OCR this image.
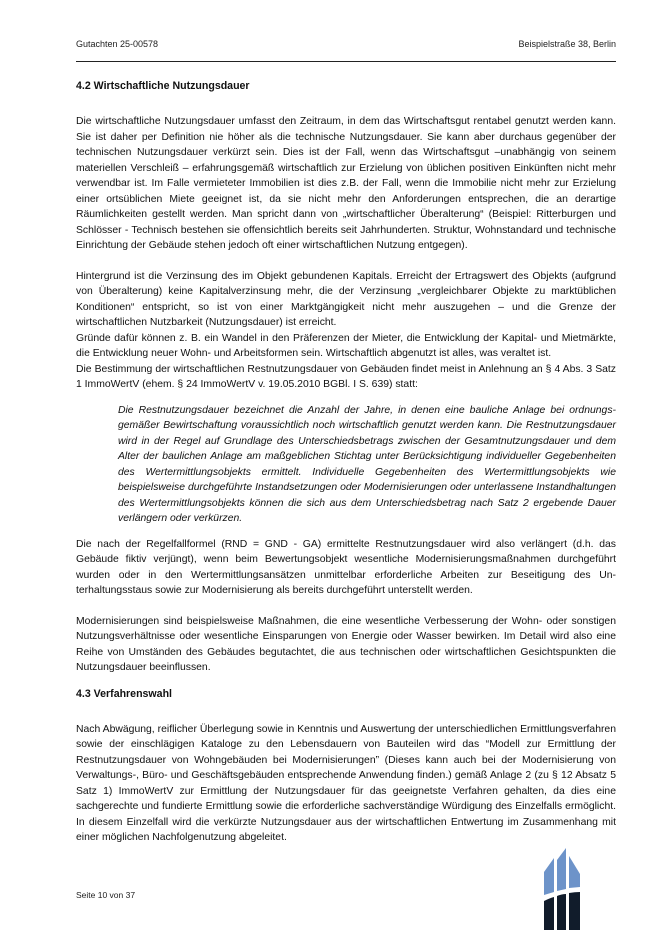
Gutachten 25-00578	Beispielstraße 38, Berlin
4.2 Wirtschaftliche Nutzungsdauer

Die wirtschaftliche Nutzungsdauer umfasst den Zeitraum, in dem das Wirtschaftsgut rentabel genutzt werden kann. Sie ist daher per Definition nie höher als die technische Nutzungsdauer. Sie kann aber durchaus gegenüber der technischen Nutzungsdauer verkürzt sein. Dies ist der Fall, wenn das Wirtschaftsgut –unabhängig von seinem materiellen Verschleiß – erfahrungsgemäß wirtschaftlich zur Erzielung von üblichen positiven Einkünften nicht mehr verwendbar ist. Im Falle vermieteter Immobilien ist dies z.B. der Fall, wenn die Immobilie nicht mehr zur Erzielung einer ortsüblichen Miete geeignet ist, da sie nicht mehr den Anforderungen entsprechen, die an derartige Räumlichkeiten gestellt werden. Man spricht dann von „wirtschaftlicher Überalterung“ (Beispiel: Ritterburgen und Schlösser - Technisch bestehen sie offensichtlich bereits seit Jahrhunderten. Struktur, Wohnstandard und technische Einrichtung der Gebäude stehen jedoch oft einer wirtschaftlichen Nutzung entgegen).

Hintergrund ist die Verzinsung des im Objekt gebundenen Kapitals. Erreicht der Ertragswert des Objekts (aufgrund von Überalterung) keine Kapitalverzinsung mehr, die der Verzinsung „vergleichbarer Objekte zu marktüblichen Konditionen“ entspricht, so ist von einer Marktgängigkeit nicht mehr auszugehen – und die Grenze der wirtschaftlichen Nutzbarkeit (Nutzungsdauer) ist erreicht.

Gründe dafür können z. B. ein Wandel in den Präferenzen der Mieter, die Entwicklung der Kapital- und Mietmärkte, die Entwicklung neuer Wohn- und Arbeitsformen sein. Wirtschaftlich abgenutzt ist alles, was veraltet ist.

Die Bestimmung der wirtschaftlichen Restnutzungsdauer von Gebäuden findet meist in Anlehnung an § 4 Abs. 3 Satz 1 ImmoWertV (ehem. § 24 ImmoWertV v. 19.05.2010 BGBl. I S. 639) statt:

Die Restnutzungsdauer bezeichnet die Anzahl der Jahre, in denen eine bauliche Anlage bei ordnungsgemäßer Bewirtschaftung voraussichtlich noch wirtschaftlich genutzt werden kann. Die Restnutzungsdauer wird in der Regel auf Grundlage des Unterschiedsbetrags zwischen der Gesamtnutzungsdauer und dem Alter der baulichen Anlage am maßgeblichen Stichtag unter Berücksichtigung individueller Gegebenheiten des Wertermittlungsobjekts ermittelt. Individuelle Gegebenheiten des Wertermittlungsobjekts wie beispielsweise durchgeführte Instandsetzungen oder Modernisierungen oder unterlassene Instandhaltungen des Wertermittlungsobjekts können die sich aus dem Unterschiedsbetrag nach Satz 2 ergebende Dauer verlängern oder verkürzen.

Die nach der Regelfallformel (RND = GND - GA) ermittelte Restnutzungsdauer wird also verlängert (d.h. das Gebäude fiktiv verjüngt), wenn beim Bewertungsobjekt wesentliche Modernisierungsmaßnahmen durchgeführt wurden oder in den Wertermittlungsansätzen unmittelbar erforderliche Arbeiten zur Beseitigung des Unterhaltungsstaus sowie zur Modernisierung als bereits durchgeführt unterstellt werden.

Modernisierungen sind beispielsweise Maßnahmen, die eine wesentliche Verbesserung der Wohn- oder sonstigen Nutzungsverhältnisse oder wesentliche Einsparungen von Energie oder Wasser bewirken. Im Detail wird also eine Reihe von Umständen des Gebäudes begutachtet, die aus technischen oder wirtschaftlichen Gesichtspunkten die Nutzungsdauer beeinflussen.

4.3 Verfahrenswahl

Nach Abwägung, reiflicher Überlegung sowie in Kenntnis und Auswertung der unterschiedlichen Ermittlungsverfahren sowie der einschlägigen Kataloge zu den Lebensdauern von Bauteilen wird das “Modell zur Ermittlung der Restnutzungsdauer von Wohngebäuden bei Modernisierungen” (Dieses kann auch bei der Modernisierung von Verwaltungs-, Büro- und Geschäftsgebäuden entsprechende Anwendung finden.) gemäß Anlage 2 (zu § 12 Absatz 5 Satz 1) ImmoWertV zur Ermittlung der Nutzungsdauer für das geeignetste Verfahren gehalten, da dies eine sachgerechte und fundierte Ermittlung sowie die erforderliche sachverständige Würdigung des Einzelfalls ermöglicht. In diesem Einzelfall wird die verkürzte Nutzungsdauer aus der wirtschaftlichen Entwertung im Zusammenhang mit einer möglichen Nachfolgenutzung abgeleitet.

Seite 10 von 37
